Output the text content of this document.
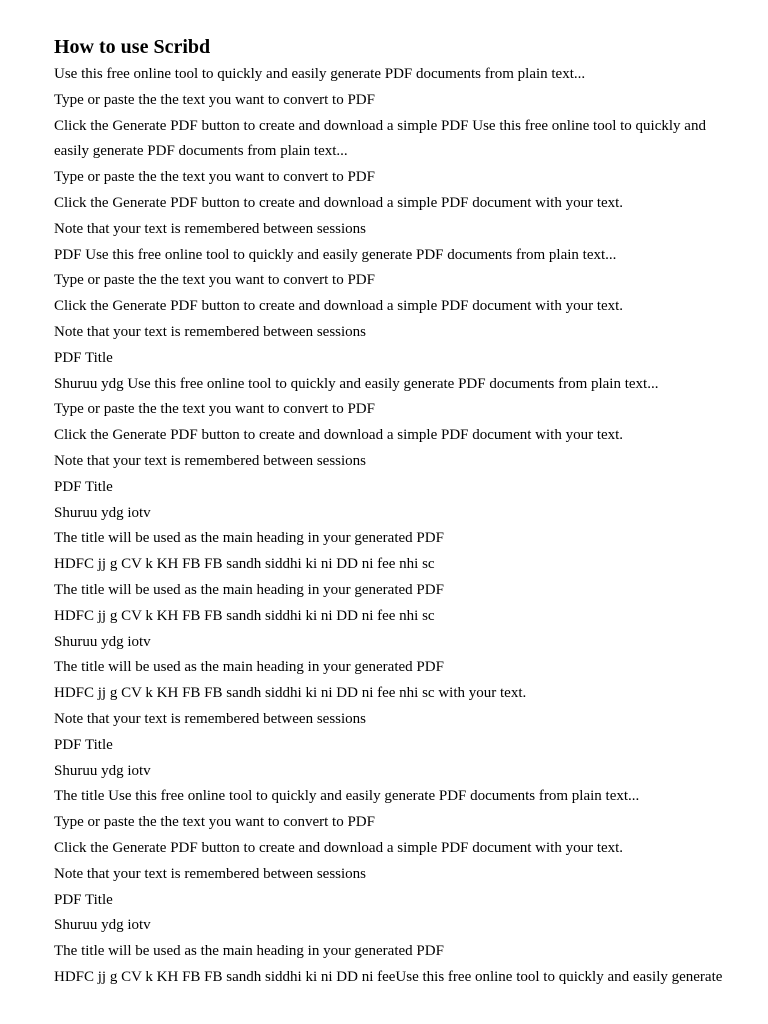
How to use Scribd

Use this free online tool to quickly and easily generate PDF documents from plain text...

Type or paste the the text you want to convert to PDF

Click the Generate PDF button to create and download a simple PDF Use this free online tool to quickly and

easily generate PDF documents from plain text...

Type or paste the the text you want to convert to PDF

Click the Generate PDF button to create and download a simple PDF document with your text.

Note that your text is remembered between sessions

PDF Use this free online tool to quickly and easily generate PDF documents from plain text...

Type or paste the the text you want to convert to PDF

Click the Generate PDF button to create and download a simple PDF document with your text.

Note that your text is remembered between sessions

PDF Title

Shuruu ydg Use this free online tool to quickly and easily generate PDF documents from plain text...

Type or paste the the text you want to convert to PDF

Click the Generate PDF button to create and download a simple PDF document with your text.

Note that your text is remembered between sessions

PDF Title

Shuruu ydg iotv

The title will be used as the main heading in your generated PDF

HDFC jj g CV k KH FB FB sandh siddhi ki ni DD ni fee nhi sc

The title will be used as the main heading in your generated PDF

HDFC jj g CV k KH FB FB sandh siddhi ki ni DD ni fee nhi sc

Shuruu ydg iotv

The title will be used as the main heading in your generated PDF

HDFC jj g CV k KH FB FB sandh siddhi ki ni DD ni fee nhi sc with your text.

Note that your text is remembered between sessions

PDF Title

Shuruu ydg iotv

The title Use this free online tool to quickly and easily generate PDF documents from plain text...

Type or paste the the text you want to convert to PDF

Click the Generate PDF button to create and download a simple PDF document with your text.

Note that your text is remembered between sessions

PDF Title

Shuruu ydg iotv

The title will be used as the main heading in your generated PDF

HDFC jj g CV k KH FB FB sandh siddhi ki ni DD ni feeUse this free online tool to quickly and easily generate
